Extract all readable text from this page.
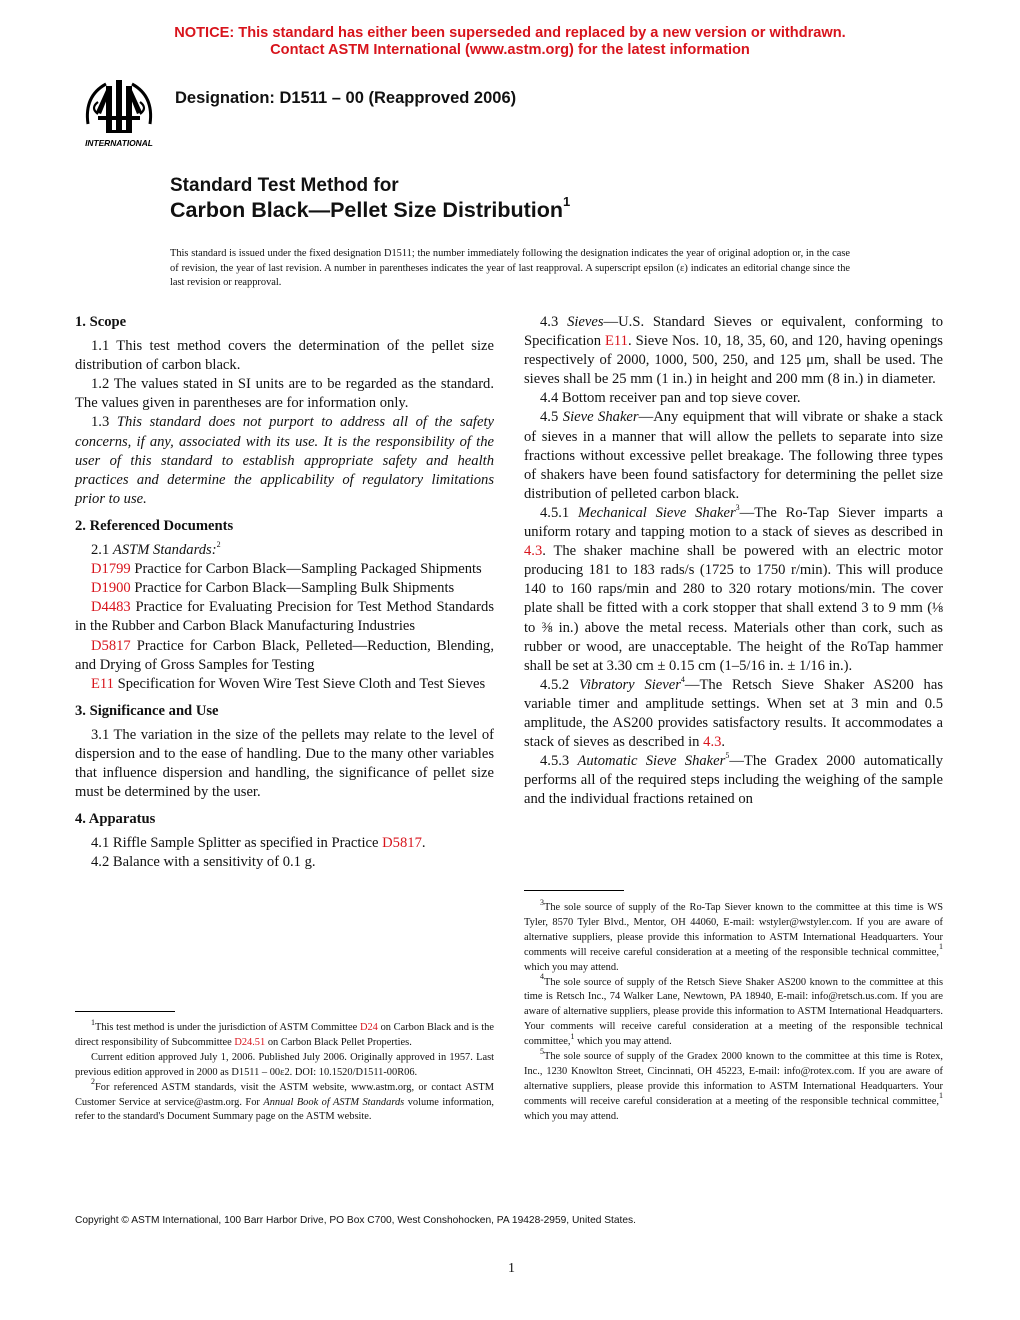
NOTICE: This standard has either been superseded and replaced by a new version or withdrawn.
Contact ASTM International (www.astm.org) for the latest information
INTERNATIONAL
Designation: D1511 – 00 (Reapproved 2006)
Standard Test Method for
Carbon Black—Pellet Size Distribution$^1$
This standard is issued under the fixed designation D1511; the number immediately following the designation indicates the year of original adoption or, in the case of revision, the year of last revision. A number in parentheses indicates the year of last reapproval. A superscript epsilon (ε) indicates an editorial change since the last revision or reapproval.
1. Scope

1.1 This test method covers the determination of the pellet size distribution of carbon black.

1.2 The values stated in SI units are to be regarded as the standard. The values given in parentheses are for information only.

1.3 This standard does not purport to address all of the safety concerns, if any, associated with its use. It is the responsibility of the user of this standard to establish appropriate safety and health practices and determine the applicability of regulatory limitations prior to use.

2. Referenced Documents

2.1 ASTM Standards:$^2$

D1799 Practice for Carbon Black—Sampling Packaged Shipments

D1900 Practice for Carbon Black—Sampling Bulk Shipments

D4483 Practice for Evaluating Precision for Test Method Standards in the Rubber and Carbon Black Manufacturing Industries

D5817 Practice for Carbon Black, Pelleted—Reduction, Blending, and Drying of Gross Samples for Testing

E11 Specification for Woven Wire Test Sieve Cloth and Test Sieves

3. Significance and Use

3.1 The variation in the size of the pellets may relate to the level of dispersion and to the ease of handling. Due to the many other variables that influence dispersion and handling, the significance of pellet size must be determined by the user.

4. Apparatus

4.1 Riffle Sample Splitter as specified in Practice D5817.

4.2 Balance with a sensitivity of 0.1 g.

4.3 Sieves—U.S. Standard Sieves or equivalent, conforming to Specification E11. Sieve Nos. 10, 18, 35, 60, and 120, having openings respectively of 2000, 1000, 500, 250, and 125 μm, shall be used. The sieves shall be 25 mm (1 in.) in height and 200 mm (8 in.) in diameter.

4.4 Bottom receiver pan and top sieve cover.

4.5 Sieve Shaker—Any equipment that will vibrate or shake a stack of sieves in a manner that will allow the pellets to separate into size fractions without excessive pellet breakage. The following three types of shakers have been found satisfactory for determining the pellet size distribution of pelleted carbon black.

4.5.1 Mechanical Sieve Shaker$^3$—The Ro-Tap Siever imparts a uniform rotary and tapping motion to a stack of sieves as described in 4.3. The shaker machine shall be powered with an electric motor producing 181 to 183 rads/s (1725 to 1750 r/min). This will produce 140 to 160 raps/min and 280 to 320 rotary motions/min. The cover plate shall be fitted with a cork stopper that shall extend 3 to 9 mm (⅛ to ⅜ in.) above the metal recess. Materials other than cork, such as rubber or wood, are unacceptable. The height of the RoTap hammer shall be set at 3.30 cm ± 0.15 cm (1–5/16 in. ± 1/16 in.).

4.5.2 Vibratory Siever$^4$—The Retsch Sieve Shaker AS200 has variable timer and amplitude settings. When set at 3 min and 0.5 amplitude, the AS200 provides satisfactory results. It accommodates a stack of sieves as described in 4.3.

4.5.3 Automatic Sieve Shaker$^5$—The Gradex 2000 automatically performs all of the required steps including the weighing of the sample and the individual fractions retained on

$^1$This test method is under the jurisdiction of ASTM Committee D24 on Carbon Black and is the direct responsibility of Subcommittee D24.51 on Carbon Black Pellet Properties.

Current edition approved July 1, 2006. Published July 2006. Originally approved in 1957. Last previous edition approved in 2000 as D1511 – 00ε2. DOI: 10.1520/D1511-00R06.

$^2$For referenced ASTM standards, visit the ASTM website, www.astm.org, or contact ASTM Customer Service at service@astm.org. For Annual Book of ASTM Standards volume information, refer to the standard's Document Summary page on the ASTM website.

$^3$The sole source of supply of the Ro-Tap Siever known to the committee at this time is WS Tyler, 8570 Tyler Blvd., Mentor, OH 44060, E-mail: wstyler@wstyler.com. If you are aware of alternative suppliers, please provide this information to ASTM International Headquarters. Your comments will receive careful consideration at a meeting of the responsible technical committee,$^1$ which you may attend.

$^4$The sole source of supply of the Retsch Sieve Shaker AS200 known to the committee at this time is Retsch Inc., 74 Walker Lane, Newtown, PA 18940, E-mail: info@retsch.us.com. If you are aware of alternative suppliers, please provide this information to ASTM International Headquarters. Your comments will receive careful consideration at a meeting of the responsible technical committee,$^1$ which you may attend.

$^5$The sole source of supply of the Gradex 2000 known to the committee at this time is Rotex, Inc., 1230 Knowlton Street, Cincinnati, OH 45223, E-mail: info@rotex.com. If you are aware of alternative suppliers, please provide this information to ASTM International Headquarters. Your comments will receive careful consideration at a meeting of the responsible technical committee,$^1$ which you may attend.

Copyright © ASTM International, 100 Barr Harbor Drive, PO Box C700, West Conshohocken, PA 19428-2959, United States.
1
